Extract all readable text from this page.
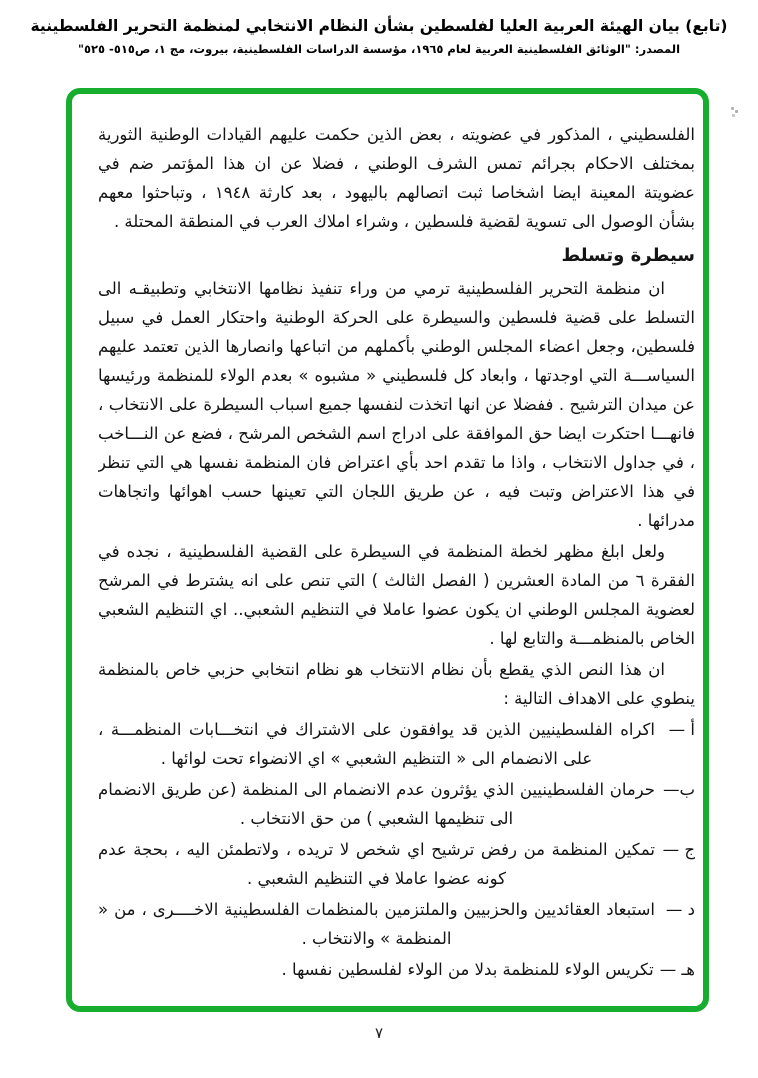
(تابع) بيان الهيئة العربية العليا لفلسطين بشأن النظام الانتخابي لمنظمة التحرير الفلسطينية
المصدر: "الوثائق الفلسطينية العربية لعام ١٩٦٥، مؤسسة الدراسات الفلسطينية، بيروت، مج ١، ص٥١٥- ٥٢٥"

الفلسطيني ، المذكور في عضويته ، بعض الذين حكمت عليهم القيادات الوطنية الثورية بمختلف الاحكام بجرائم تمس الشرف الوطني ، فضلا عن ان هذا المؤتمر ضم في عضويتة المعينة ايضا اشخاصا ثبت اتصالهم باليهود ، بعد كارثة ١٩٤٨ ، وتباحثوا معهم بشأن الوصول الى تسوية لقضية فلسطين ، وشراء املاك العرب في المنطقة المحتلة .

سيطرة وتسلط

ان منظمة التحرير الفلسطينية ترمي من وراء تنفيذ نظامها الانتخابي وتطبيقـه الى التسلط على قضية فلسطين والسيطرة على الحركة الوطنية واحتكار العمل في سبيل فلسطين، وجعل اعضاء المجلس الوطني بأكملهم من اتباعها وانصارها الذين تعتمد عليهم السياســـة التي اوجدتها ، وابعاد كل فلسطيني « مشبوه » بعدم الولاء للمنظمة ورئيسها عن ميدان الترشيح . ففضلا عن انها اتخذت لنفسها جميع اسباب السيطرة على الانتخاب ، فانهـــا احتكرت ايضا حق الموافقة على ادراج اسم الشخص المرشح ، فضع عن النـــاخب ، في جداول الانتخاب ، واذا ما تقدم احد بأي اعتراض فان المنظمة نفسها هي التي تنظر في هذا الاعتراض وتبت فيه ، عن طريق اللجان التي تعينها حسب اهوائها واتجاهات مدرائها .

ولعل ابلغ مظهر لخطة المنظمة في السيطرة على القضية الفلسطينية ، نجده في الفقرة ٦ من المادة العشرين ( الفصل الثالث ) التي تنص على انه يشترط في المرشح لعضوية المجلس الوطني ان يكون عضوا عاملا في التنظيم الشعبي.. اي التنظيم الشعبي الخاص بالمنظمـــة والتابع لها .

ان هذا النص الذي يقطع بأن نظام الانتخاب هو نظام انتخابي حزبي خاص بالمنظمة ينطوي على الاهداف التالية :

أ —
اكراه الفلسطينيين الذين قد يوافقون على الاشتراك في انتخـــابات المنظمـــة ، على الانضمام الى « التنظيم الشعبي » اي الانضواء تحت لوائها .
ب—
حرمان الفلسطينيين الذي يؤثرون عدم الانضمام الى المنظمة (عن طريق الانضمام الى تنظيمها الشعبي ) من حق الانتخاب .
ج —
تمكين المنظمة من رفض ترشيح اي شخص لا تريده ، ولاتطمئن اليه ، بحجة عدم كونه عضوا عاملا في التنظيم الشعبي .
د —
استبعاد العقائديين والحزبيين والملتزمين بالمنظمات الفلسطينية الاخــــرى ، من « المنظمة » والانتخاب .
هـ —
تكريس الولاء للمنظمة بدلا من الولاء لفلسطين نفسها .
٧
